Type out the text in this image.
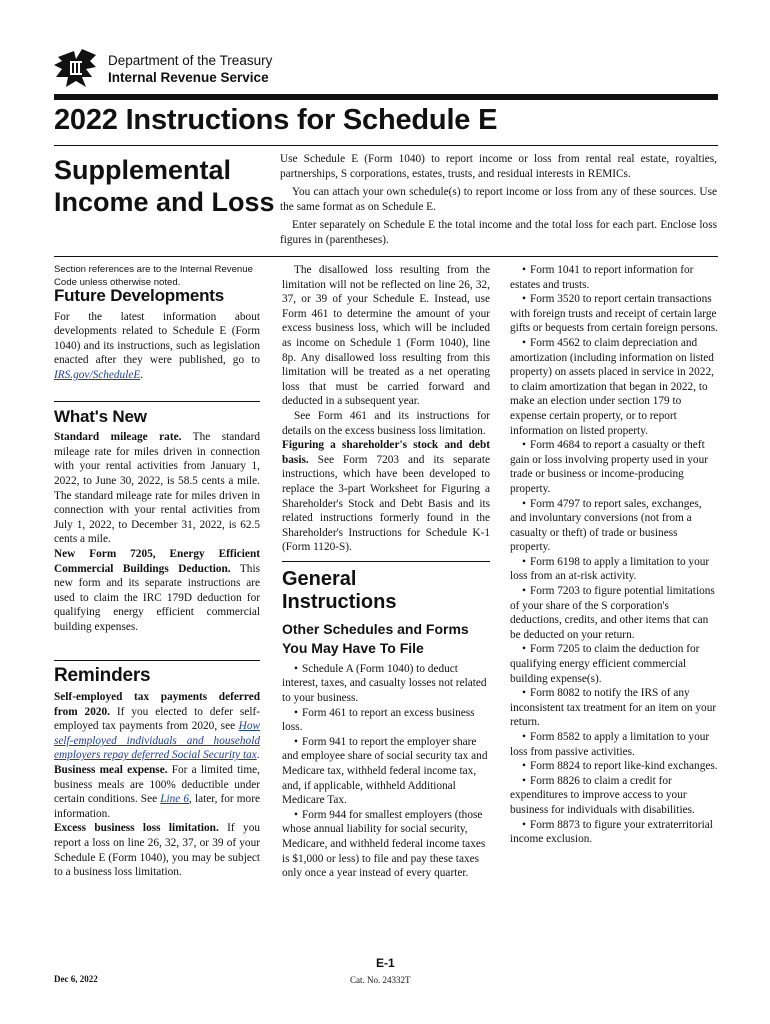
Department of the Treasury
Internal Revenue Service
2022 Instructions for Schedule E
Supplemental
Income and Loss

Use Schedule E (Form 1040) to report income or loss from rental real estate, royalties, partnerships, S corporations, estates, trusts, and residual interests in REMICs.

You can attach your own schedule(s) to report income or loss from any of these sources. Use the same format as on Schedule E.

Enter separately on Schedule E the total income and the total loss for each part. Enclose loss figures in (parentheses).

Section references are to the Internal Revenue Code unless otherwise noted.

Future Developments

For the latest information about developments related to Schedule E (Form 1040) and its instructions, such as legislation enacted after they were published, go to IRS.gov/ScheduleE.

What's New

Standard mileage rate. The standard mileage rate for miles driven in connection with your rental activities from January 1, 2022, to June 30, 2022, is 58.5 cents a mile. The standard mileage rate for miles driven in connection with your rental activities from July 1, 2022, to December 31, 2022, is 62.5 cents a mile.

New Form 7205, Energy Efficient Commercial Buildings Deduction. This new form and its separate instructions are used to claim the IRC 179D deduction for qualifying energy efficient commercial building expenses.

Reminders

Self-employed tax payments deferred from 2020. If you elected to defer self-employed tax payments from 2020, see How self-employed individuals and household employers repay deferred Social Security tax.

Business meal expense. For a limited time, business meals are 100% deductible under certain conditions. See Line 6, later, for more information.

Excess business loss limitation. If you report a loss on line 26, 32, 37, or 39 of your Schedule E (Form 1040), you may be subject to a business loss limitation.

The disallowed loss resulting from the limitation will not be reflected on line 26, 32, 37, or 39 of your Schedule E. Instead, use Form 461 to determine the amount of your excess business loss, which will be included as income on Schedule 1 (Form 1040), line 8p. Any disallowed loss resulting from this limitation will be treated as a net operating loss that must be carried forward and deducted in a subsequent year.

See Form 461 and its instructions for details on the excess business loss limitation.

Figuring a shareholder's stock and debt basis. See Form 7203 and its separate instructions, which have been developed to replace the 3-part Worksheet for Figuring a Shareholder's Stock and Debt Basis and its related instructions formerly found in the Shareholder's Instructions for Schedule K-1 (Form 1120-S).

General
Instructions
Other Schedules and Forms You May Have To File
• Schedule A (Form 1040) to deduct interest, taxes, and casualty losses not related to your business.
• Form 461 to report an excess business loss.
• Form 941 to report the employer share and employee share of social security tax and Medicare tax, withheld federal income tax, and, if applicable, withheld Additional Medicare Tax.
• Form 944 for smallest employers (those whose annual liability for social security, Medicare, and withheld federal income taxes is $1,000 or less) to file and pay these taxes only once a year instead of every quarter.
• Form 1041 to report information for estates and trusts.
• Form 3520 to report certain transactions with foreign trusts and receipt of certain large gifts or bequests from certain foreign persons.
• Form 4562 to claim depreciation and amortization (including information on listed property) on assets placed in service in 2022, to claim amortization that began in 2022, to make an election under section 179 to expense certain property, or to report information on listed property.
• Form 4684 to report a casualty or theft gain or loss involving property used in your trade or business or income-producing property.
• Form 4797 to report sales, exchanges, and involuntary conversions (not from a casualty or theft) of trade or business property.
• Form 6198 to apply a limitation to your loss from an at-risk activity.
• Form 7203 to figure potential limitations of your share of the S corporation's deductions, credits, and other items that can be deducted on your return.
• Form 7205 to claim the deduction for qualifying energy efficient commercial building expense(s).
• Form 8082 to notify the IRS of any inconsistent tax treatment for an item on your return.
• Form 8582 to apply a limitation to your loss from passive activities.
• Form 8824 to report like-kind exchanges.
• Form 8826 to claim a credit for expenditures to improve access to your business for individuals with disabilities.
• Form 8873 to figure your extraterritorial income exclusion.
Dec 6, 2022
E-1
Cat. No. 24332T
